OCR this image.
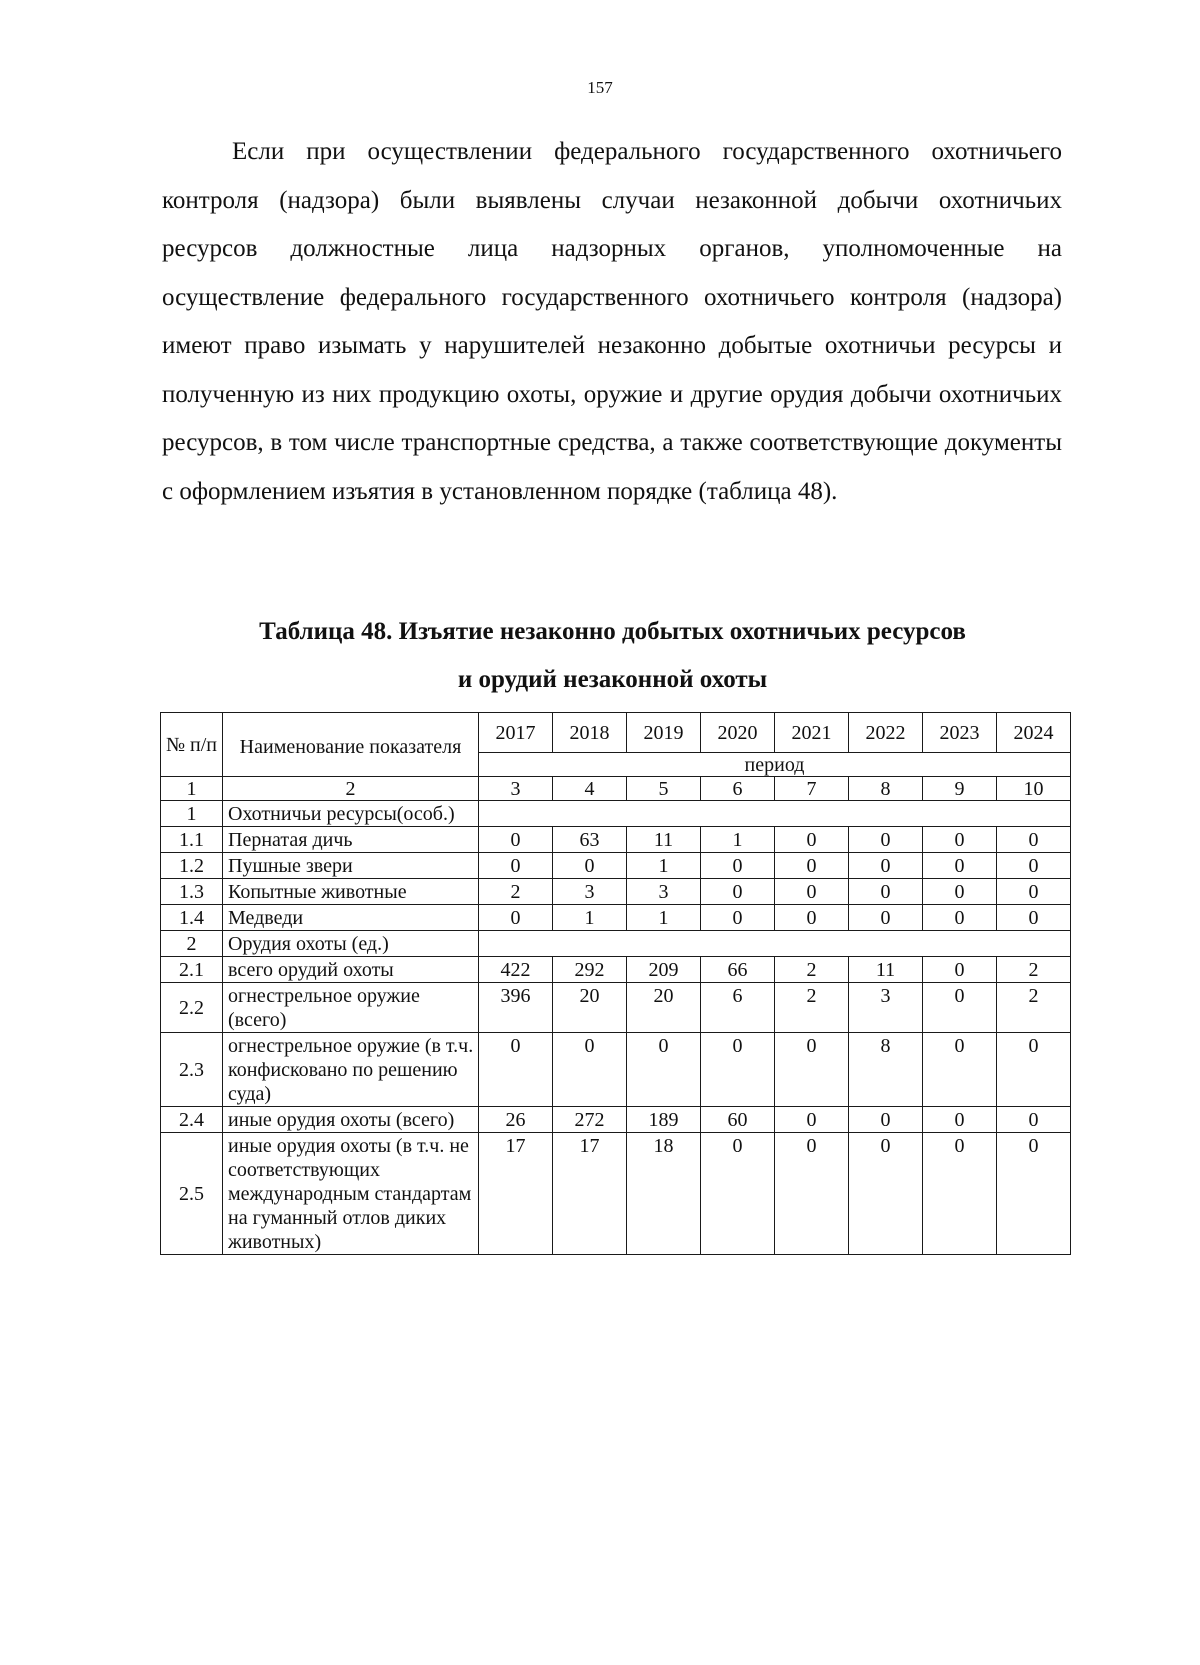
157

Если при осуществлении федерального государственного охотничьего контроля (надзора) были выявлены случаи незаконной добычи охотничьих ресурсов должностные лица надзорных органов, уполномоченные на осуществление федерального государственного охотничьего контроля (надзора) имеют право изымать у нарушителей незаконно добытые охотничьи ресурсы и полученную из них продукцию охоты, оружие и другие орудия добычи охотничьих ресурсов, в том числе транспортные средства, а также соответствующие документы с оформлением изъятия в установленном порядке (таблица 48).

Таблица 48. Изъятие незаконно добытых охотничьих ресурсов
и орудий незаконной охоты
№ п/п	Наименование показателя	2017	2018	2019	2020	2021	2022	2023	2024
		период							
1	2	3	4	5	6	7	8	9	10
1	Охотничьи ресурсы(особ.)								
1.1	Пернатая дичь	0	63	11	1	0	0	0	0
1.2	Пушные звери	0	0	1	0	0	0	0	0
1.3	Копытные животные	2	3	3	0	0	0	0	0
1.4	Медведи	0	1	1	0	0	0	0	0
2	Орудия охоты (ед.)								
2.1	всего орудий охоты	422	292	209	66	2	11	0	2
2.2	огнестрельное оружие (всего)	396	20	20	6	2	3	0	2
2.3	огнестрельное оружие (в т.ч. конфисковано по решению суда)	0	0	0	0	0	8	0	0
2.4	иные орудия охоты (всего)	26	272	189	60	0	0	0	0
2.5	иные орудия охоты (в т.ч. не соответствующих международным стандартам на гуманный отлов диких животных)	17	17	18	0	0	0	0	0
